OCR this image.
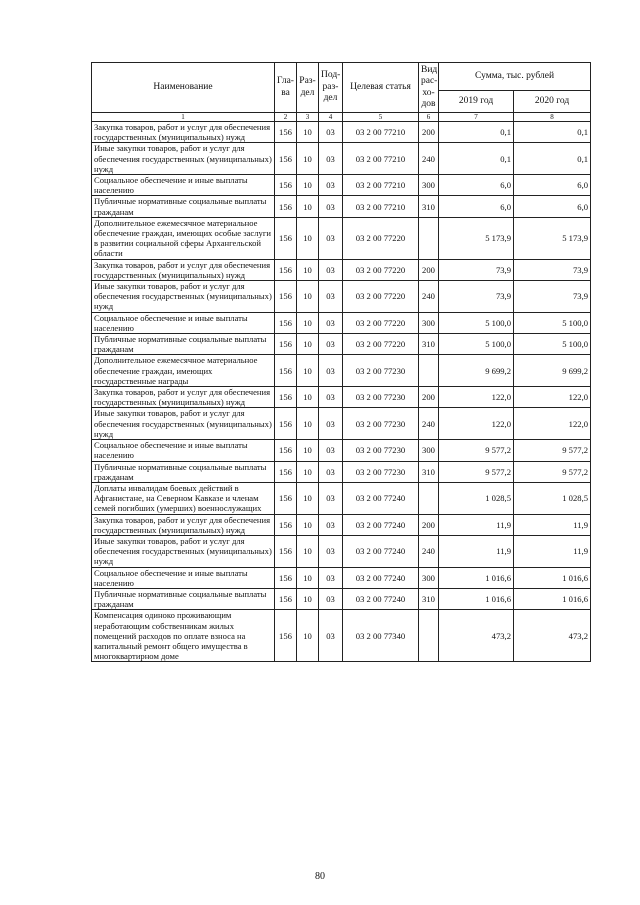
Наименование	Гла- ва	Раз- дел	Под- раз- дел	Целевая статья	Вид рас- хо- дов	Сумма, тыс. рублей	
						2019 год	2020 год
1	2	3	4	5	6	7	8
Закупка товаров, работ и услуг для обеспечения государственных (муниципальных) нужд	156	10	03	03 2 00 77210	200	0,1	0,1
Иные закупки товаров, работ и услуг для обеспечения государственных (муниципальных) нужд	156	10	03	03 2 00 77210	240	0,1	0,1
Социальное обеспечение и иные выплаты населению	156	10	03	03 2 00 77210	300	6,0	6,0
Публичные нормативные социальные выплаты гражданам	156	10	03	03 2 00 77210	310	6,0	6,0
Дополнительное ежемесячное материальное обеспечение граждан, имеющих особые заслуги в развитии социальной сферы Архангельской области	156	10	03	03 2 00 77220		5 173,9	5 173,9
Закупка товаров, работ и услуг для обеспечения государственных (муниципальных) нужд	156	10	03	03 2 00 77220	200	73,9	73,9
Иные закупки товаров, работ и услуг для обеспечения государственных (муниципальных) нужд	156	10	03	03 2 00 77220	240	73,9	73,9
Социальное обеспечение и иные выплаты населению	156	10	03	03 2 00 77220	300	5 100,0	5 100,0
Публичные нормативные социальные выплаты гражданам	156	10	03	03 2 00 77220	310	5 100,0	5 100,0
Дополнительное ежемесячное материальное обеспечение граждан, имеющих государственные награды	156	10	03	03 2 00 77230		9 699,2	9 699,2
Закупка товаров, работ и услуг для обеспечения государственных (муниципальных) нужд	156	10	03	03 2 00 77230	200	122,0	122,0
Иные закупки товаров, работ и услуг для обеспечения государственных (муниципальных) нужд	156	10	03	03 2 00 77230	240	122,0	122,0
Социальное обеспечение и иные выплаты населению	156	10	03	03 2 00 77230	300	9 577,2	9 577,2
Публичные нормативные социальные выплаты гражданам	156	10	03	03 2 00 77230	310	9 577,2	9 577,2
Доплаты инвалидам боевых действий в Афганистане, на Северном Кавказе и членам семей погибших (умерших) военнослужащих	156	10	03	03 2 00 77240		1 028,5	1 028,5
Закупка товаров, работ и услуг для обеспечения государственных (муниципальных) нужд	156	10	03	03 2 00 77240	200	11,9	11,9
Иные закупки товаров, работ и услуг для обеспечения государственных (муниципальных) нужд	156	10	03	03 2 00 77240	240	11,9	11,9
Социальное обеспечение и иные выплаты населению	156	10	03	03 2 00 77240	300	1 016,6	1 016,6
Публичные нормативные социальные выплаты гражданам	156	10	03	03 2 00 77240	310	1 016,6	1 016,6
Компенсация одиноко проживающим неработающим собственникам жилых помещений расходов по оплате взноса на капитальный ремонт общего имущества в многоквартирном доме	156	10	03	03 2 00 77340		473,2	473,2
80
